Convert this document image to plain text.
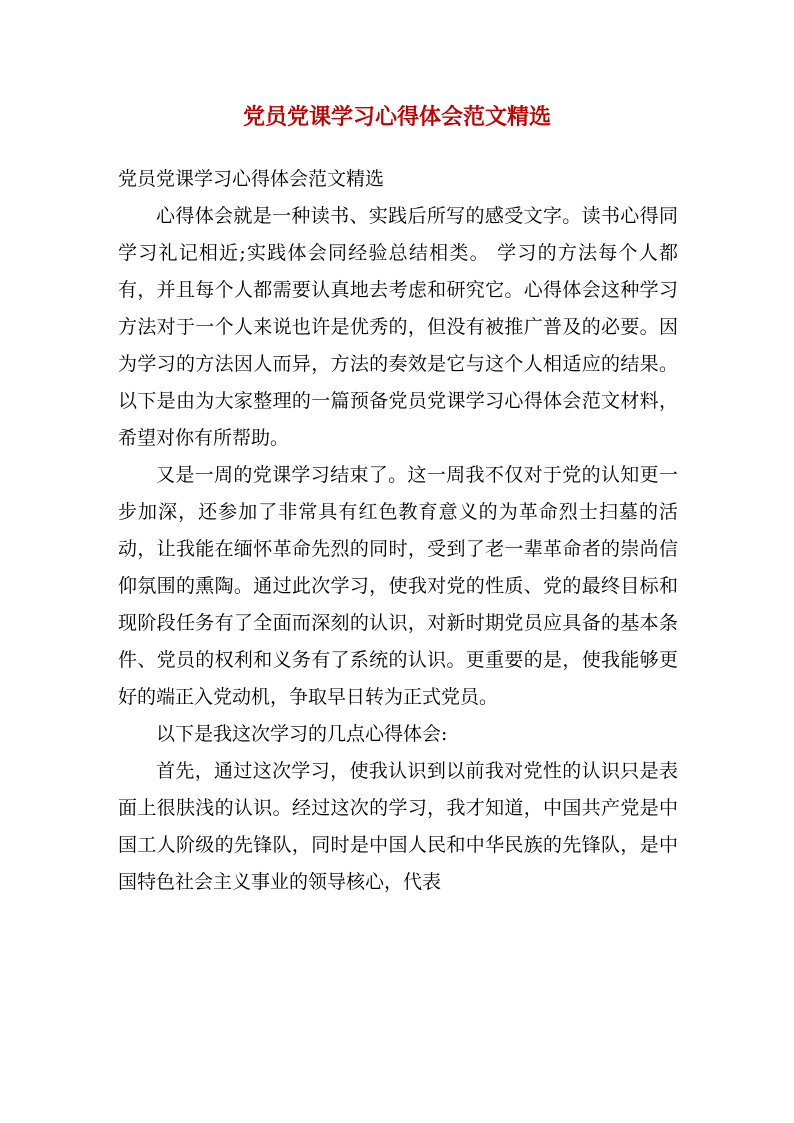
党员党课学习心得体会范文精选

党员党课学习心得体会范文精选

心得体会就是一种读书、实践后所写的感受文字。读书心得同学习礼记相近;实践体会同经验总结相类。 学习的方法每个人都有，并且每个人都需要认真地去考虑和研究它。心得体会这种学习方法对于一个人来说也许是优秀的，但没有被推广普及的必要。因为学习的方法因人而异，方法的奏效是它与这个人相适应的结果。以下是由为大家整理的一篇预备党员党课学习心得体会范文材料，希望对你有所帮助。

又是一周的党课学习结束了。这一周我不仅对于党的认知更一步加深，还参加了非常具有红色教育意义的为革命烈士扫墓的活动，让我能在缅怀革命先烈的同时，受到了老一辈革命者的崇尚信仰氛围的熏陶。通过此次学习，使我对党的性质、党的最终目标和现阶段任务有了全面而深刻的认识，对新时期党员应具备的基本条件、党员的权利和义务有了系统的认识。更重要的是，使我能够更好的端正入党动机，争取早日转为正式党员。

以下是我这次学习的几点心得体会:

首先，通过这次学习，使我认识到以前我对党性的认识只是表面上很肤浅的认识。经过这次的学习，我才知道，中国共产党是中国工人阶级的先锋队，同时是中国人民和中华民族的先锋队，是中国特色社会主义事业的领导核心，代表
